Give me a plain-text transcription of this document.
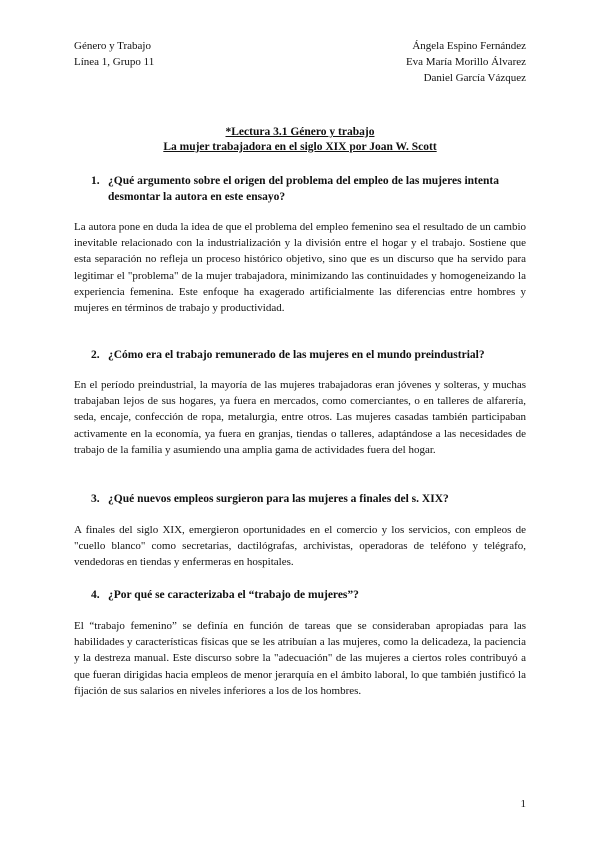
Género y Trabajo
Línea 1, Grupo 11
Ángela Espino Fernández
Eva María Morillo Álvarez
Daniel García Vázquez
*Lectura 3.1 Género y trabajo
La mujer trabajadora en el siglo XIX por Joan W. Scott
1. ¿Qué argumento sobre el origen del problema del empleo de las mujeres intenta desmontar la autora en este ensayo?
La autora pone en duda la idea de que el problema del empleo femenino sea el resultado de un cambio inevitable relacionado con la industrialización y la división entre el hogar y el trabajo. Sostiene que esta separación no refleja un proceso histórico objetivo, sino que es un discurso que ha servido para legitimar el "problema" de la mujer trabajadora, minimizando las continuidades y homogeneizando la experiencia femenina. Este enfoque ha exagerado artificialmente las diferencias entre hombres y mujeres en términos de trabajo y productividad.
2. ¿Cómo era el trabajo remunerado de las mujeres en el mundo preindustrial?
En el período preindustrial, la mayoría de las mujeres trabajadoras eran jóvenes y solteras, y muchas trabajaban lejos de sus hogares, ya fuera en mercados, como comerciantes, o en talleres de alfarería, seda, encaje, confección de ropa, metalurgia, entre otros. Las mujeres casadas también participaban activamente en la economía, ya fuera en granjas, tiendas o talleres, adaptándose a las necesidades de trabajo de la familia y asumiendo una amplia gama de actividades fuera del hogar.
3. ¿Qué nuevos empleos surgieron para las mujeres a finales del s. XIX?
A finales del siglo XIX, emergieron oportunidades en el comercio y los servicios, con empleos de "cuello blanco" como secretarias, dactilógrafas, archivistas, operadoras de teléfono y telégrafo, vendedoras en tiendas y enfermeras en hospitales.
4. ¿Por qué se caracterizaba el “trabajo de mujeres”?
El “trabajo femenino” se definía en función de tareas que se consideraban apropiadas para las habilidades y características físicas que se les atribuían a las mujeres, como la delicadeza, la paciencia y la destreza manual. Este discurso sobre la "adecuación" de las mujeres a ciertos roles contribuyó a que fueran dirigidas hacia empleos de menor jerarquía en el ámbito laboral, lo que también justificó la fijación de sus salarios en niveles inferiores a los de los hombres.
1
